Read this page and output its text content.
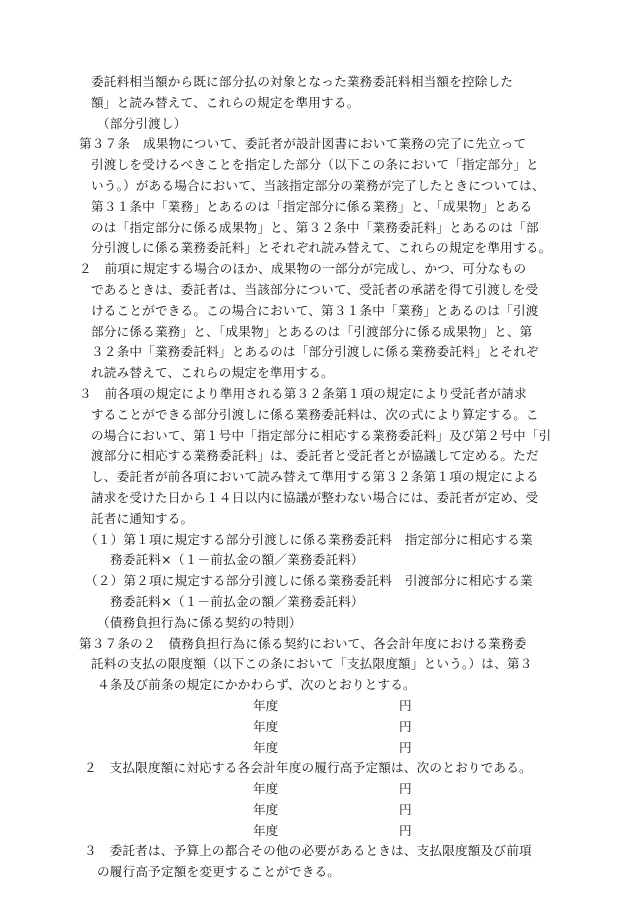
委託料相当額から既に部分払の対象となった業務委託料相当額を控除した
額」と読み替えて、これらの規定を準用する。
（部分引渡し）
第３７条　成果物について、委託者が設計図書において業務の完了に先立って
引渡しを受けるべきことを指定した部分（以下この条において「指定部分」と
いう。）がある場合において、当該指定部分の業務が完了したときについては、
第３１条中「業務」とあるのは「指定部分に係る業務」と、「成果物」とある
のは「指定部分に係る成果物」と、第３２条中「業務委託料」とあるのは「部
分引渡しに係る業務委託料」とそれぞれ読み替えて、これらの規定を準用する。
２　前項に規定する場合のほか、成果物の一部分が完成し、かつ、可分なもの
であるときは、委託者は、当該部分について、受託者の承諾を得て引渡しを受
けることができる。この場合において、第３１条中「業務」とあるのは「引渡
部分に係る業務」と、「成果物」とあるのは「引渡部分に係る成果物」と、第
３２条中「業務委託料」とあるのは「部分引渡しに係る業務委託料」とそれぞ
れ読み替えて、これらの規定を準用する。
３　前各項の規定により準用される第３２条第１項の規定により受託者が請求
することができる部分引渡しに係る業務委託料は、次の式により算定する。こ
の場合において、第１号中「指定部分に相応する業務委託料」及び第２号中「引
渡部分に相応する業務委託料」は、委託者と受託者とが協議して定める。ただ
し、委託者が前各項において読み替えて準用する第３２条第１項の規定による
請求を受けた日から１４日以内に協議が整わない場合には、委託者が定め、受
託者に通知する。
（１）第１項に規定する部分引渡しに係る業務委託料　指定部分に相応する業
務委託料×（１－前払金の額／業務委託料）
（２）第２項に規定する部分引渡しに係る業務委託料　引渡部分に相応する業
務委託料×（１－前払金の額／業務委託料）
（債務負担行為に係る契約の特則）
第３７条の２　債務負担行為に係る契約において、各会計年度における業務委
託料の支払の限度額（以下この条において「支払限度額」という。）は、第３
４条及び前条の規定にかかわらず、次のとおりとする。
年度	円
年度	円
年度	円
２　支払限度額に対応する各会計年度の履行高予定額は、次のとおりである。
年度	円
年度	円
年度	円
３　委託者は、予算上の都合その他の必要があるときは、支払限度額及び前項
の履行高予定額を変更することができる。
